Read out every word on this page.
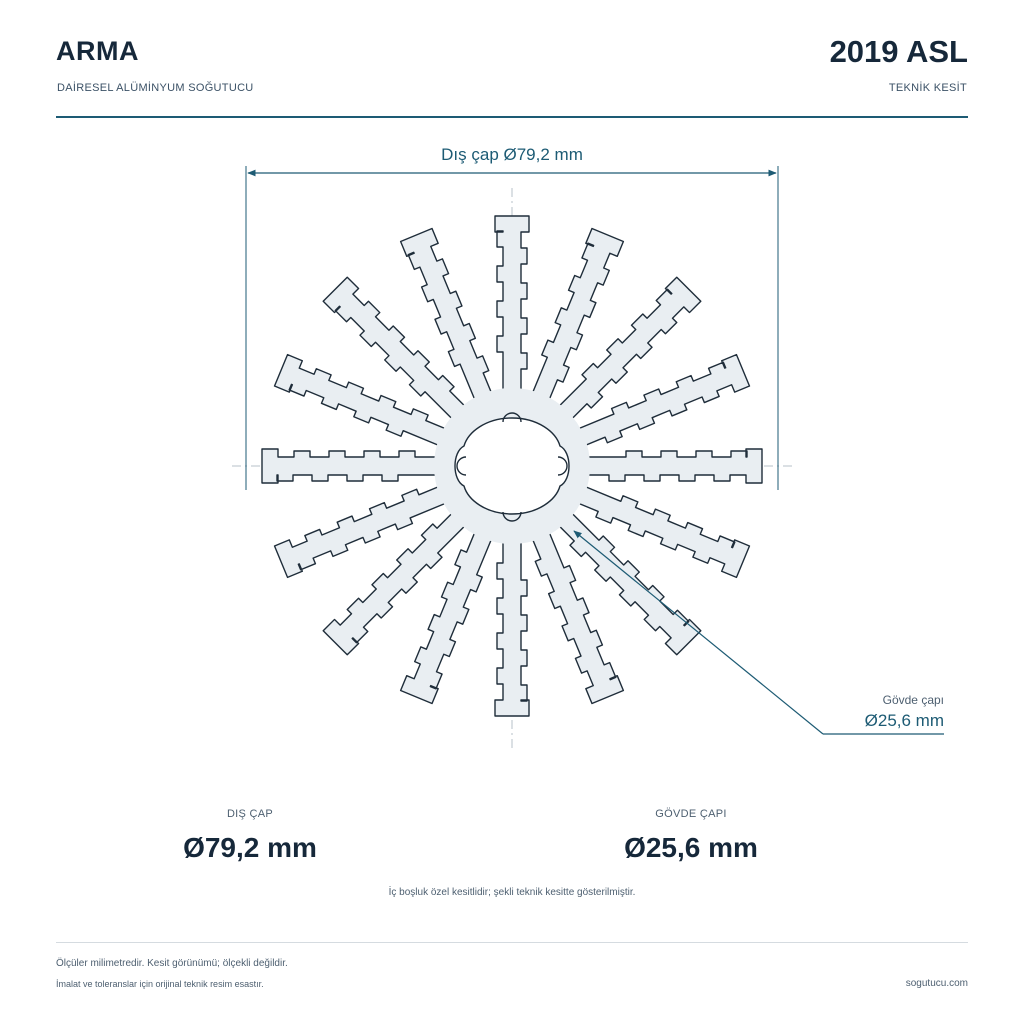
ARMA	2019 ASL
DAİRESEL ALÜMİNYUM SOĞUTUCU	TEKNİK KESİT
Dış çap Ø79,2 mm
Gövde çapı
Ø25,6 mm
DIŞ ÇAP
Ø79,2 mm
GÖVDE ÇAPI
Ø25,6 mm
İç boşluk özel kesitlidir; şekli teknik kesitte gösterilmiştir.
Ölçüler milimetredir. Kesit görünümü; ölçekli değildir.
İmalat ve toleranslar için orijinal teknik resim esastır.	sogutucu.com
